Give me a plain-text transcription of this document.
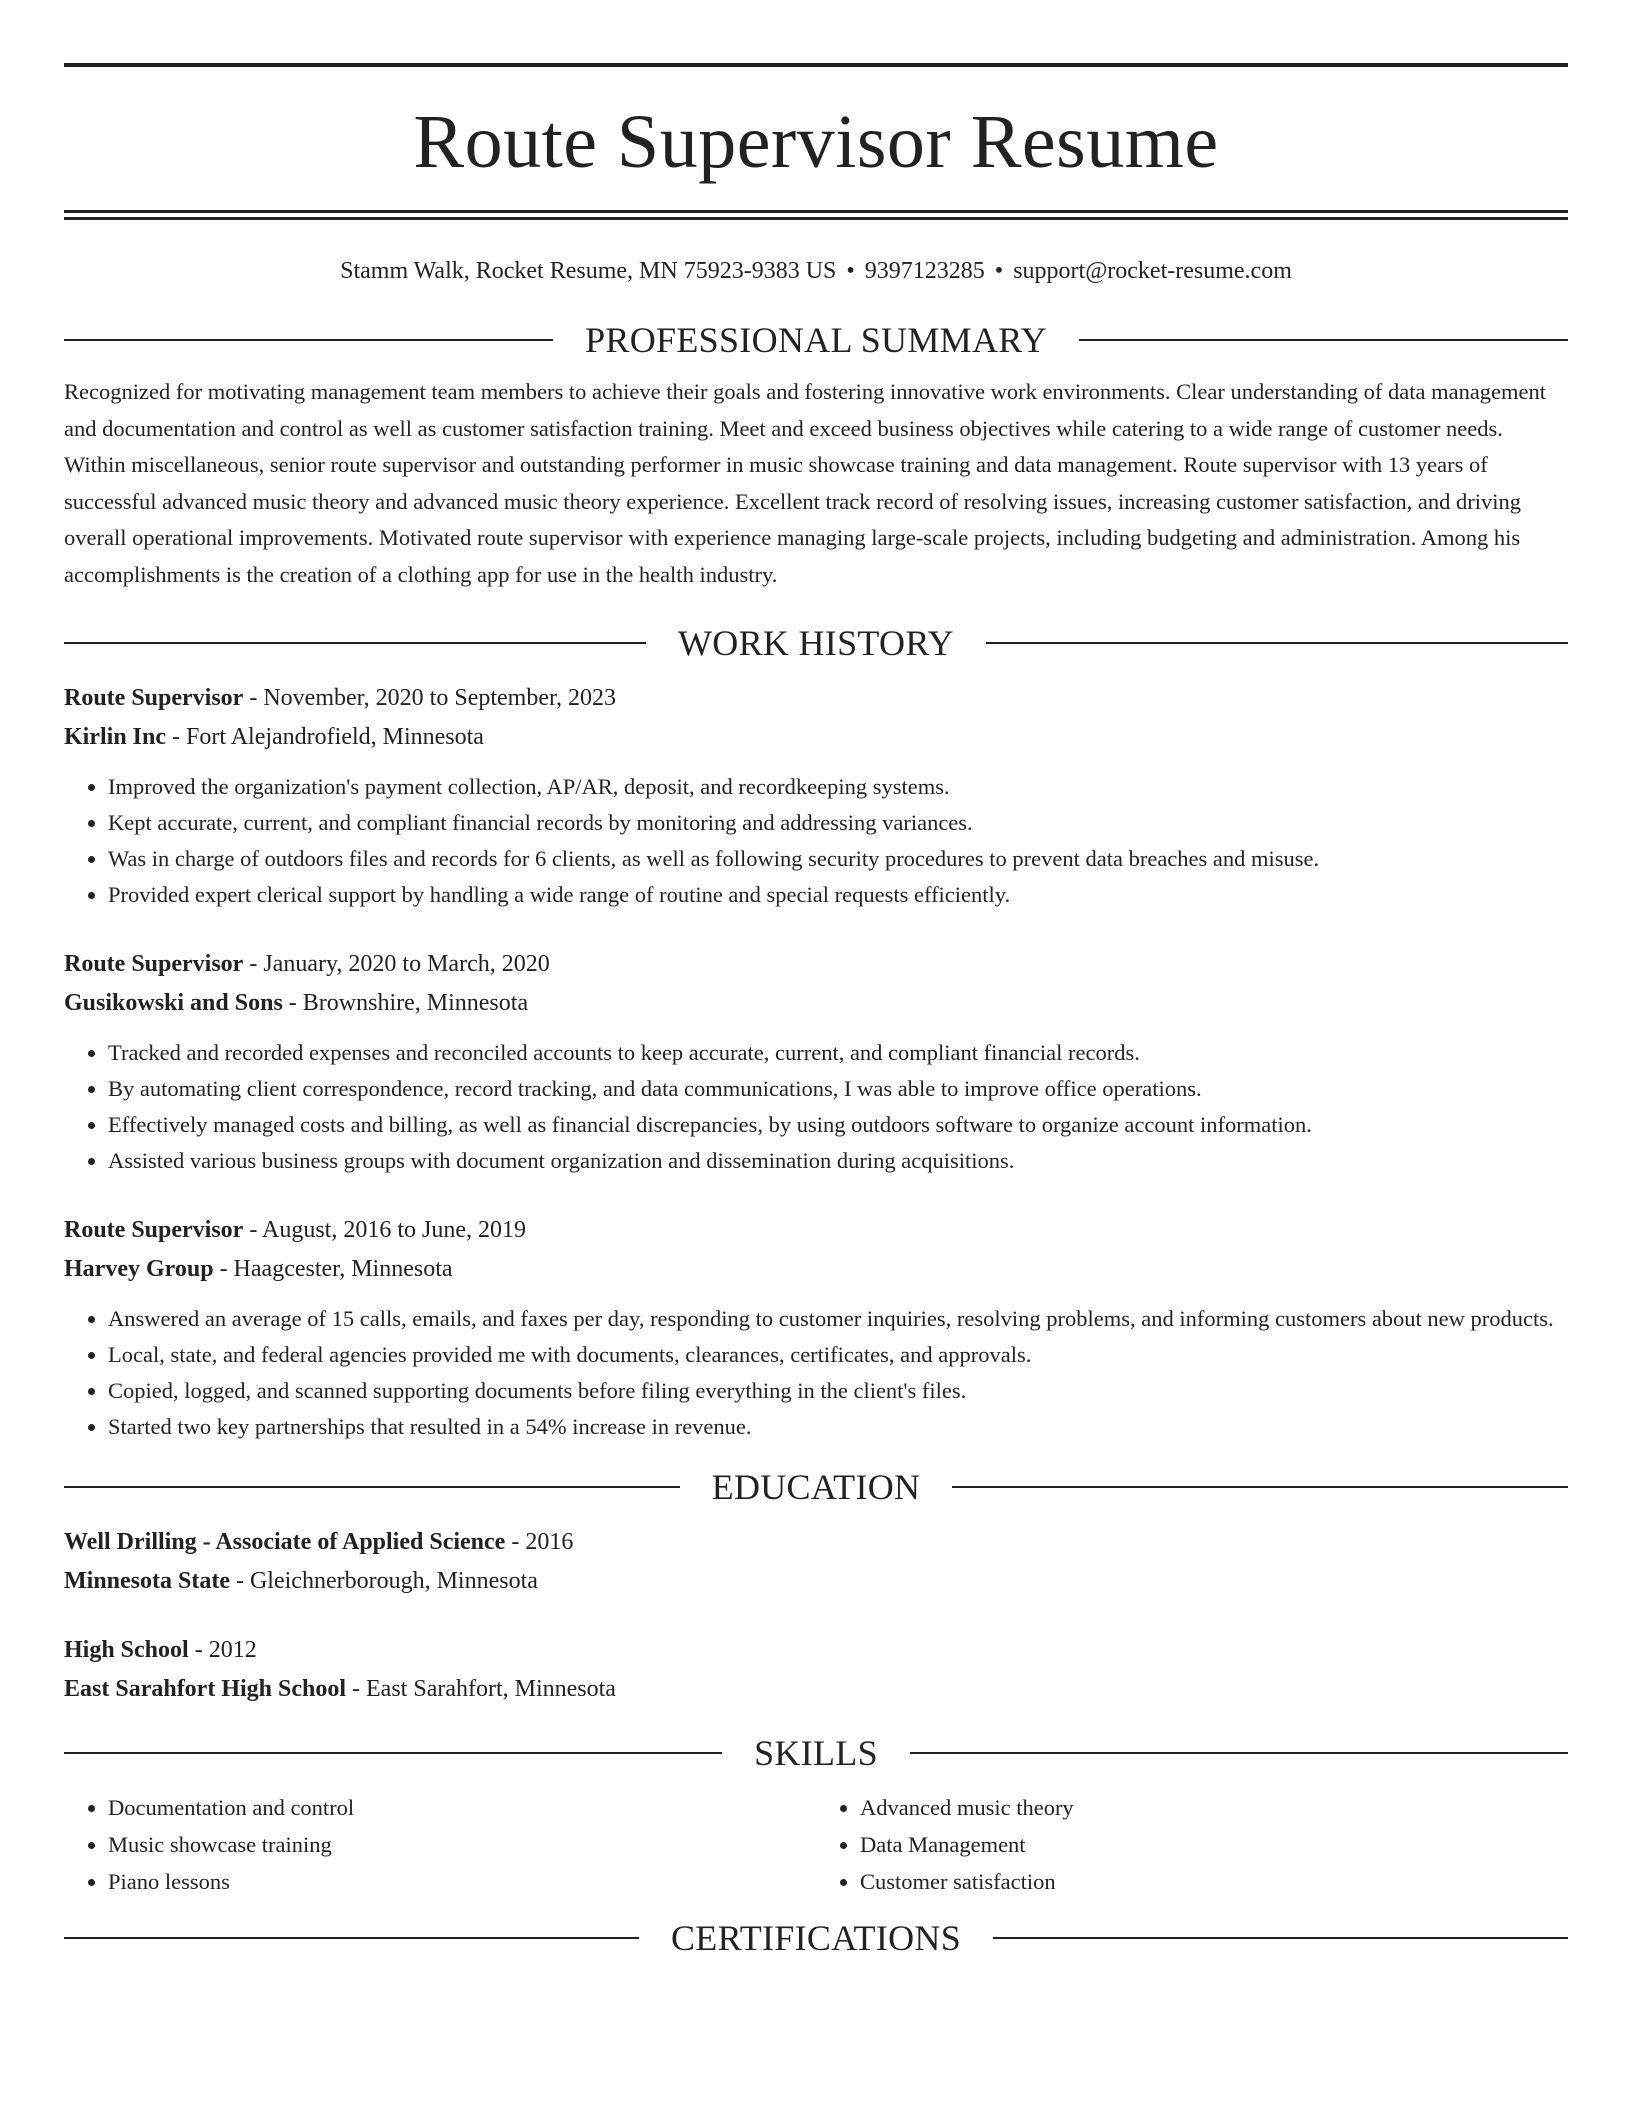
Route Supervisor Resume
Stamm Walk, Rocket Resume, MN 75923-9383 US • 9397123285 • support@rocket-resume.com
PROFESSIONAL SUMMARY
Recognized for motivating management team members to achieve their goals and fostering innovative work environments. Clear understanding of data management and documentation and control as well as customer satisfaction training. Meet and exceed business objectives while catering to a wide range of customer needs. Within miscellaneous, senior route supervisor and outstanding performer in music showcase training and data management. Route supervisor with 13 years of successful advanced music theory and advanced music theory experience. Excellent track record of resolving issues, increasing customer satisfaction, and driving overall operational improvements. Motivated route supervisor with experience managing large-scale projects, including budgeting and administration. Among his accomplishments is the creation of a clothing app for use in the health industry.
WORK HISTORY
Route Supervisor - November, 2020 to September, 2023
Kirlin Inc - Fort Alejandrofield, Minnesota
• Improved the organization's payment collection, AP/AR, deposit, and recordkeeping systems.
• Kept accurate, current, and compliant financial records by monitoring and addressing variances.
• Was in charge of outdoors files and records for 6 clients, as well as following security procedures to prevent data breaches and misuse.
• Provided expert clerical support by handling a wide range of routine and special requests efficiently.
Route Supervisor - January, 2020 to March, 2020
Gusikowski and Sons - Brownshire, Minnesota
• Tracked and recorded expenses and reconciled accounts to keep accurate, current, and compliant financial records.
• By automating client correspondence, record tracking, and data communications, I was able to improve office operations.
• Effectively managed costs and billing, as well as financial discrepancies, by using outdoors software to organize account information.
• Assisted various business groups with document organization and dissemination during acquisitions.
Route Supervisor - August, 2016 to June, 2019
Harvey Group - Haagcester, Minnesota
• Answered an average of 15 calls, emails, and faxes per day, responding to customer inquiries, resolving problems, and informing customers about new products.
• Local, state, and federal agencies provided me with documents, clearances, certificates, and approvals.
• Copied, logged, and scanned supporting documents before filing everything in the client's files.
• Started two key partnerships that resulted in a 54% increase in revenue.
EDUCATION
Well Drilling - Associate of Applied Science - 2016
Minnesota State - Gleichnerborough, Minnesota
High School - 2012
East Sarahfort High School - East Sarahfort, Minnesota
SKILLS
• Documentation and control
• Music showcase training
• Piano lessons
• Advanced music theory
• Data Management
• Customer satisfaction
CERTIFICATIONS
